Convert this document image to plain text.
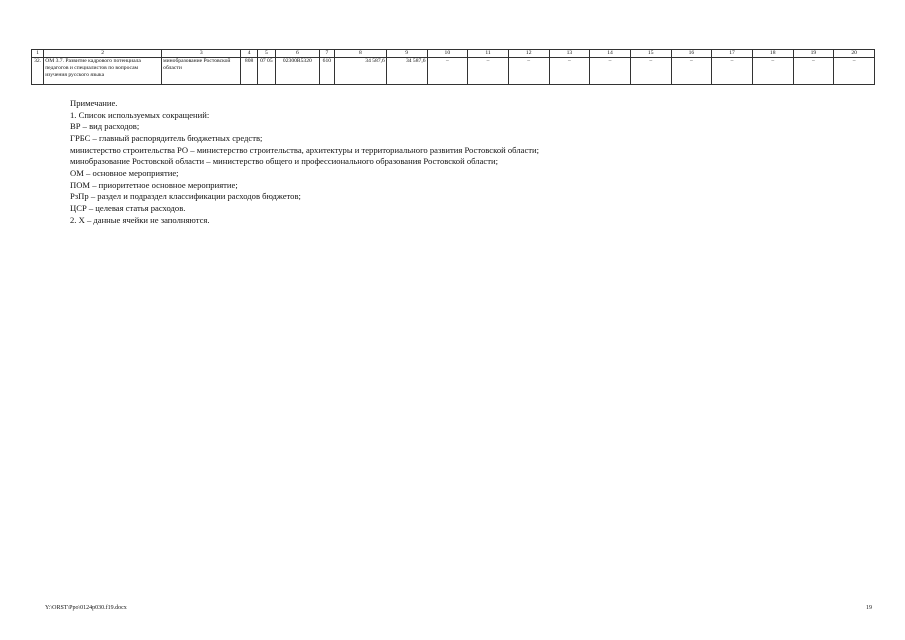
1	2	3	4	5	6	7	8	9	10	11	12	13	14	15	16	17	18	19	20
32.	ОМ 3.7. Развитие кадрового потенциала педагогов и специалистов по вопросам изучения русского языка	минобразование Ростовской области	808	07 05	02300R5320	610	34 587,6	34 587,6	–	–	–	–	–	–	–	–	–	–	–
Примечание.
1. Список используемых сокращений:
ВР – вид расходов;
ГРБС – главный распорядитель бюджетных средств;
министерство строительства РО – министерство строительства, архитектуры и территориального развития Ростовской области;
минобразование Ростовской области – министерство общего и профессионального образования Ростовской области;
ОМ – основное мероприятие;
ПОМ – приоритетное основное мероприятие;
РзПр – раздел и подраздел классификации расходов бюджетов;
ЦСР – целевая статья расходов.
2. Х – данные ячейки не заполняются.
Y:\ORST\Ppo\0124p030.f19.docx	19
